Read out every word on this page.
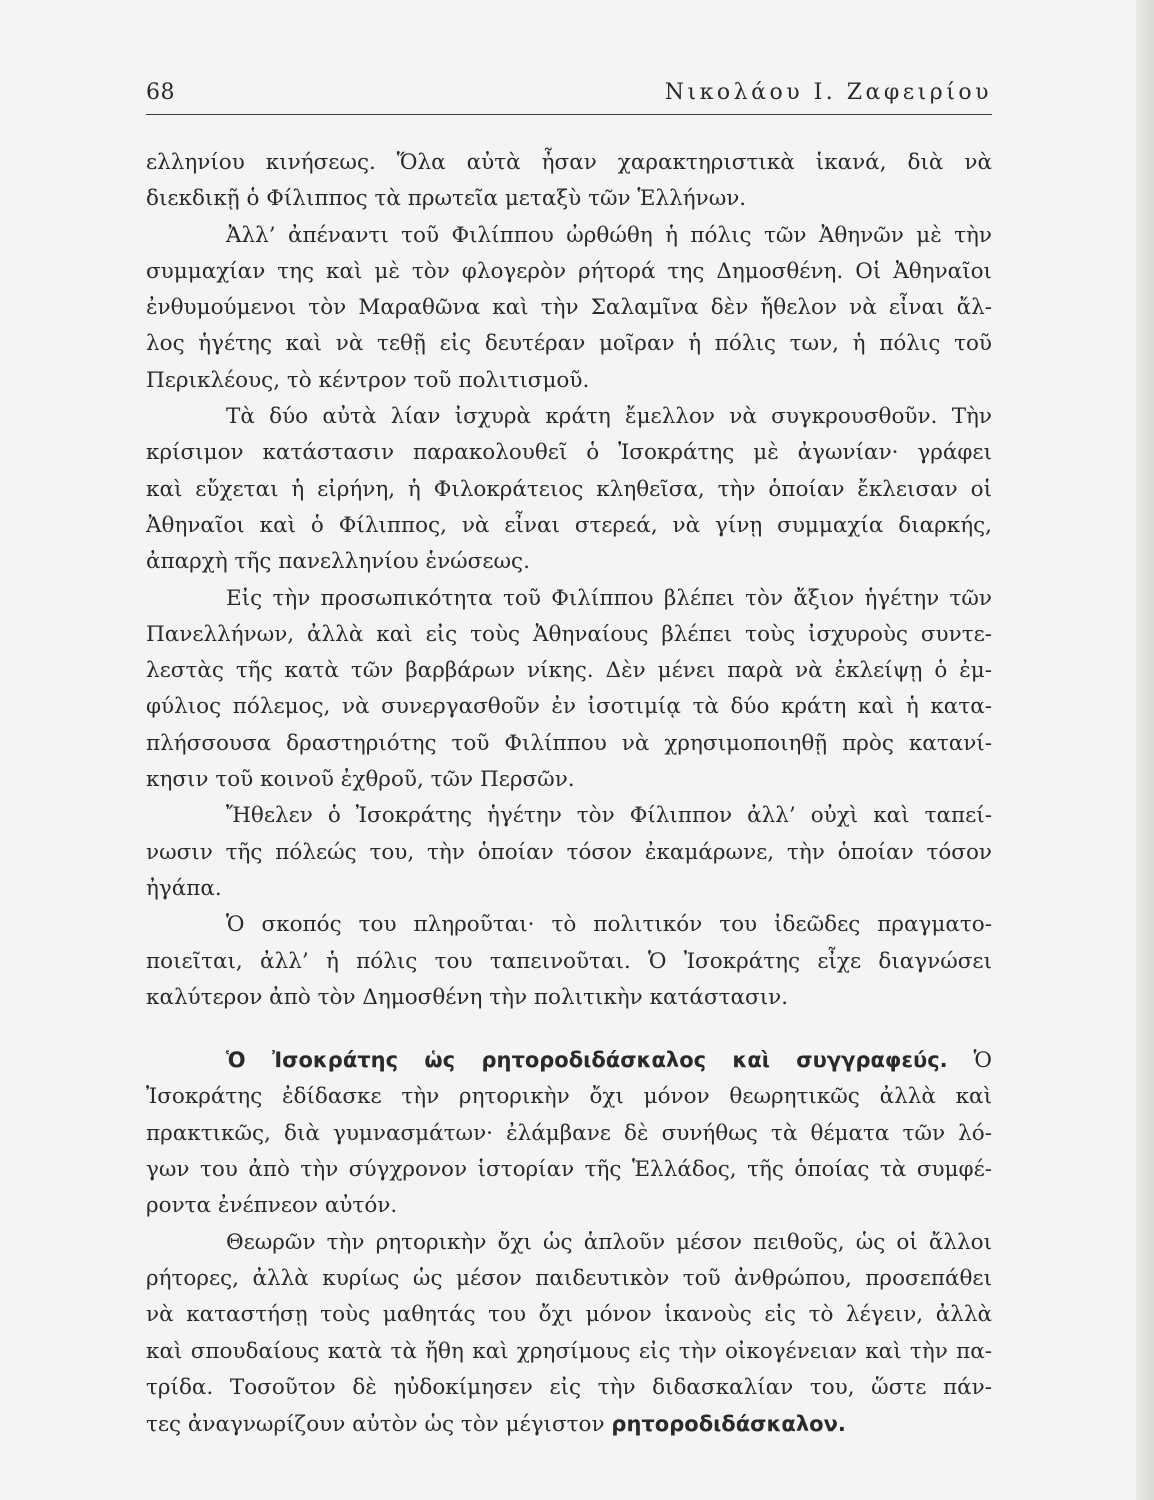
68	Νικολάου Ι. Ζαφειρίου
ελληνίου κινήσεως. Ὅλα αὐτὰ ἦσαν χαρακτηριστικὰ ἱκανά, διὰ νὰ
διεκδικῇ ὁ Φίλιππος τὰ πρωτεῖα μεταξὺ τῶν Ἑλλήνων.
Ἀλλ’ ἀπέναντι τοῦ Φιλίππου ὠρθώθη ἡ πόλις τῶν Ἀθηνῶν μὲ τὴν
συμμαχίαν της καὶ μὲ τὸν φλογερὸν ρήτορά της Δημοσθένη. Οἱ Ἀθηναῖοι
ἐνθυμούμενοι τὸν Μαραθῶνα καὶ τὴν Σαλαμῖνα δὲν ἤθελον νὰ εἶναι ἄλ-
λος ἡγέτης καὶ νὰ τεθῇ εἰς δευτέραν μοῖραν ἡ πόλις των, ἡ πόλις τοῦ
Περικλέους, τὸ κέντρον τοῦ πολιτισμοῦ.
Τὰ δύο αὐτὰ λίαν ἰσχυρὰ κράτη ἔμελλον νὰ συγκρουσθοῦν. Τὴν
κρίσιμον κατάστασιν παρακολουθεῖ ὁ Ἰσοκράτης μὲ ἀγωνίαν· γράφει
καὶ εὔχεται ἡ εἰρήνη, ἡ Φιλοκράτειος κληθεῖσα, τὴν ὁποίαν ἔκλεισαν οἱ
Ἀθηναῖοι καὶ ὁ Φίλιππος, νὰ εἶναι στερεά, νὰ γίνῃ συμμαχία διαρκής,
ἀπαρχὴ τῆς πανελληνίου ἑνώσεως.
Εἰς τὴν προσωπικότητα τοῦ Φιλίππου βλέπει τὸν ἄξιον ἡγέτην τῶν
Πανελλήνων, ἀλλὰ καὶ εἰς τοὺς Ἀθηναίους βλέπει τοὺς ἰσχυροὺς συντε-
λεστὰς τῆς κατὰ τῶν βαρβάρων νίκης. Δὲν μένει παρὰ νὰ ἐκλείψῃ ὁ ἐμ-
φύλιος πόλεμος, νὰ συνεργασθοῦν ἐν ἰσοτιμίᾳ τὰ δύο κράτη καὶ ἡ κατα-
πλήσσουσα δραστηριότης τοῦ Φιλίππου νὰ χρησιμοποιηθῇ πρὸς κατανί-
κησιν τοῦ κοινοῦ ἐχθροῦ, τῶν Περσῶν.
Ἤθελεν ὁ Ἰσοκράτης ἡγέτην τὸν Φίλιππον ἀλλ’ οὐχὶ καὶ ταπεί-
νωσιν τῆς πόλεώς του, τὴν ὁποίαν τόσον ἐκαμάρωνε, τὴν ὁποίαν τόσον
ἠγάπα.
Ὁ σκοπός του πληροῦται· τὸ πολιτικόν του ἰδεῶδες πραγματο-
ποιεῖται, ἀλλ’ ἡ πόλις του ταπεινοῦται. Ὁ Ἰσοκράτης εἶχε διαγνώσει
καλύτερον ἀπὸ τὸν Δημοσθένη τὴν πολιτικὴν κατάστασιν.
Ὁ Ἰσοκράτης ὡς ρητοροδιδάσκαλος καὶ συγγραφεύς. Ὁ
Ἰσοκράτης ἐδίδασκε τὴν ρητορικὴν ὄχι μόνον θεωρητικῶς ἀλλὰ καὶ
πρακτικῶς, διὰ γυμνασμάτων· ἐλάμβανε δὲ συνήθως τὰ θέματα τῶν λό-
γων του ἀπὸ τὴν σύγχρονον ἱστορίαν τῆς Ἑλλάδος, τῆς ὁποίας τὰ συμφέ-
ροντα ἐνέπνεον αὐτόν.
Θεωρῶν τὴν ρητορικὴν ὄχι ὡς ἁπλοῦν μέσον πειθοῦς, ὡς οἱ ἄλλοι
ρήτορες, ἀλλὰ κυρίως ὡς μέσον παιδευτικὸν τοῦ ἀνθρώπου, προσεπάθει
νὰ καταστήσῃ τοὺς μαθητάς του ὄχι μόνον ἱκανοὺς εἰς τὸ λέγειν, ἀλλὰ
καὶ σπουδαίους κατὰ τὰ ἤθη καὶ χρησίμους εἰς τὴν οἰκογένειαν καὶ τὴν πα-
τρίδα. Τοσοῦτον δὲ ηὐδοκίμησεν εἰς τὴν διδασκαλίαν του, ὥστε πάν-
τες ἀναγνωρίζουν αὐτὸν ὡς τὸν μέγιστον ρητοροδιδάσκαλον.
